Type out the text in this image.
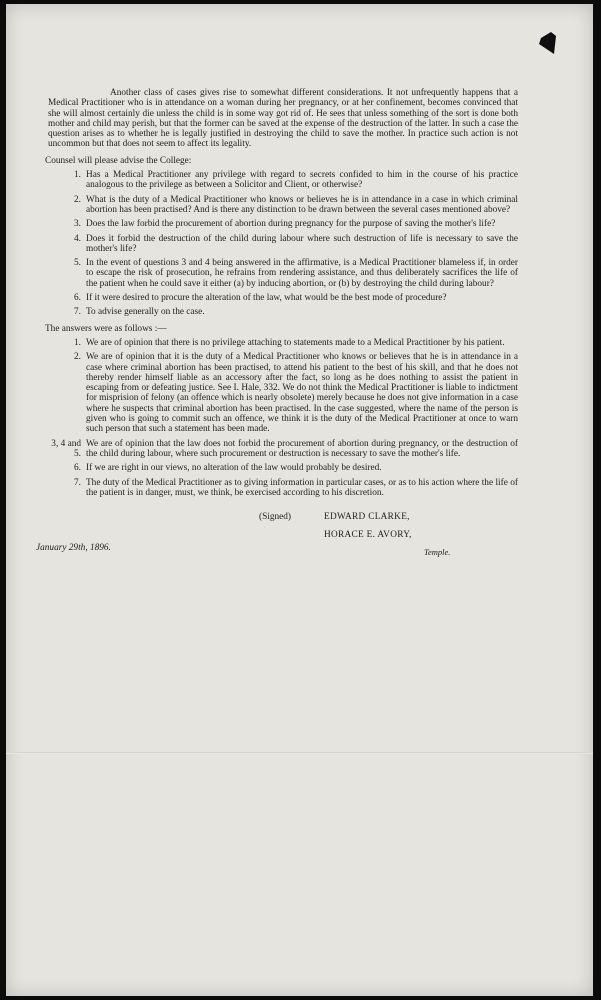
Another class of cases gives rise to somewhat different considerations. It not unfrequently happens that a Medical Practitioner who is in attendance on a woman during her pregnancy, or at her confinement, becomes convinced that she will almost certainly die unless the child is in some way got rid of. He sees that unless something of the sort is done both mother and child may perish, but that the former can be saved at the expense of the destruction of the latter. In such a case the question arises as to whether he is legally justified in destroying the child to save the mother. In practice such action is not uncommon but that does not seem to affect its legality.

Counsel will please advise the College:
1. Has a Medical Practitioner any privilege with regard to secrets confided to him in the course of his practice analogous to the privilege as between a Solicitor and Client, or otherwise?
2. What is the duty of a Medical Practitioner who knows or believes he is in attendance in a case in which criminal abortion has been practised? And is there any distinction to be drawn between the several cases mentioned above?
3. Does the law forbid the procurement of abortion during pregnancy for the purpose of saving the mother's life?
4. Does it forbid the destruction of the child during labour where such destruction of life is necessary to save the mother's life?
5. In the event of questions 3 and 4 being answered in the affirmative, is a Medical Practitioner blameless if, in order to escape the risk of prosecution, he refrains from rendering assistance, and thus deliberately sacrifices the life of the patient when he could save it either (a) by inducing abortion, or (b) by destroying the child during labour?
6. If it were desired to procure the alteration of the law, what would be the best mode of procedure?
7. To advise generally on the case.
The answers were as follows :—
1. We are of opinion that there is no privilege attaching to statements made to a Medical Practitioner by his patient.
2. We are of opinion that it is the duty of a Medical Practitioner who knows or believes that he is in attendance in a case where criminal abortion has been practised, to attend his patient to the best of his skill, and that he does not thereby render himself liable as an accessory after the fact, so long as he does nothing to assist the patient in escaping from or defeating justice. See I. Hale, 332. We do not think the Medical Practitioner is liable to indictment for misprision of felony (an offence which is nearly obsolete) merely because he does not give information in a case where he suspects that criminal abortion has been practised. In the case suggested, where the name of the person is given who is going to commit such an offence, we think it is the duty of the Medical Practitioner at once to warn such person that such a statement has been made.
3, 4 and 5.
We are of opinion that the law does not forbid the procurement of abortion during pregnancy, or the destruction of the child during labour, where such procurement or destruction is necessary to save the mother's life.
6. If we are right in our views, no alteration of the law would probably be desired.
7. The duty of the Medical Practitioner as to giving information in particular cases, or as to his action where the life of the patient is in danger, must, we think, be exercised according to his discretion.
(Signed)	EDWARD CLARKE,
HORACE E. AVORY,
January 29th, 1896.	Temple.
